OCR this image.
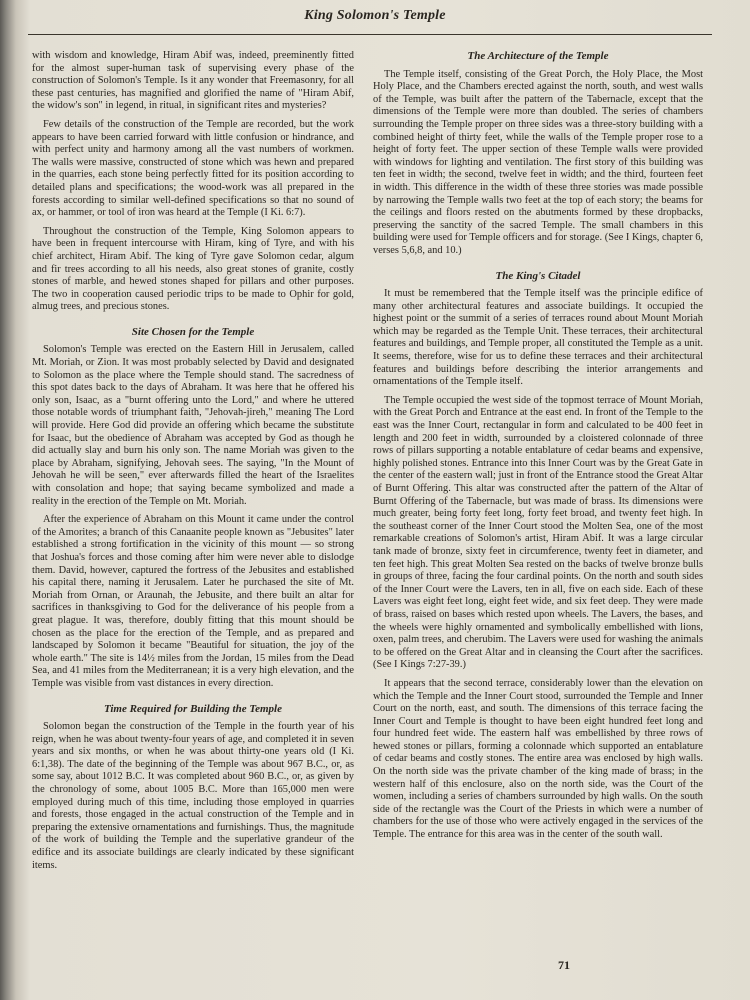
King Solomon's Temple

with wisdom and knowledge, Hiram Abif was, indeed, preeminently fitted for the almost super-human task of supervising every phase of the construction of Solomon's Temple. Is it any wonder that Freemasonry, for all these past centuries, has magnified and glorified the name of "Hiram Abif, the widow's son" in legend, in ritual, in significant rites and mysteries?

Few details of the construction of the Temple are recorded, but the work appears to have been carried forward with little confusion or hindrance, and with perfect unity and harmony among all the vast numbers of workmen. The walls were massive, constructed of stone which was hewn and prepared in the quarries, each stone being perfectly fitted for its position according to detailed plans and specifications; the wood-work was all prepared in the forests according to similar well-defined specifications so that no sound of ax, or hammer, or tool of iron was heard at the Temple (I Ki. 6:7).

Throughout the construction of the Temple, King Solomon appears to have been in frequent intercourse with Hiram, king of Tyre, and with his chief architect, Hiram Abif. The king of Tyre gave Solomon cedar, algum and fir trees according to all his needs, also great stones of granite, costly stones of marble, and hewed stones shaped for pillars and other purposes. The two in cooperation caused periodic trips to be made to Ophir for gold, almug trees, and precious stones.

Site Chosen for the Temple

Solomon's Temple was erected on the Eastern Hill in Jerusalem, called Mt. Moriah, or Zion. It was most probably selected by David and designated to Solomon as the place where the Temple should stand. The sacredness of this spot dates back to the days of Abraham. It was here that he offered his only son, Isaac, as a "burnt offering unto the Lord," and where he uttered those notable words of triumphant faith, "Jehovah-jireh," meaning The Lord will provide. Here God did provide an offering which became the substitute for Isaac, but the obedience of Abraham was accepted by God as though he did actually slay and burn his only son. The name Moriah was given to the place by Abraham, signifying, Jehovah sees. The saying, "In the Mount of Jehovah he will be seen," ever afterwards filled the heart of the Israelites with consolation and hope; that saying became symbolized and made a reality in the erection of the Temple on Mt. Moriah.

After the experience of Abraham on this Mount it came under the control of the Amorites; a branch of this Canaanite people known as "Jebusites" later established a strong fortification in the vicinity of this mount — so strong that Joshua's forces and those coming after him were never able to dislodge them. David, however, captured the fortress of the Jebusites and established his capital there, naming it Jerusalem. Later he purchased the site of Mt. Moriah from Ornan, or Araunah, the Jebusite, and there built an altar for sacrifices in thanksgiving to God for the deliverance of his people from a great plague. It was, therefore, doubly fitting that this mount should be chosen as the place for the erection of the Temple, and as prepared and landscaped by Solomon it became "Beautiful for situation, the joy of the whole earth." The site is 14½ miles from the Jordan, 15 miles from the Dead Sea, and 41 miles from the Mediterranean; it is a very high elevation, and the Temple was visible from vast distances in every direction.

Time Required for Building the Temple

Solomon began the construction of the Temple in the fourth year of his reign, when he was about twenty-four years of age, and completed it in seven years and six months, or when he was about thirty-one years old (I Ki. 6:1,38). The date of the beginning of the Temple was about 967 B.C., or, as some say, about 1012 B.C. It was completed about 960 B.C., or, as given by the chronology of some, about 1005 B.C. More than 165,000 men were employed during much of this time, including those employed in quarries and forests, those engaged in the actual construction of the Temple and in preparing the extensive ornamentations and furnishings. Thus, the magnitude of the work of building the Temple and the superlative grandeur of the edifice and its associate buildings are clearly indicated by these significant items.

The Architecture of the Temple

The Temple itself, consisting of the Great Porch, the Holy Place, the Most Holy Place, and the Chambers erected against the north, south, and west walls of the Temple, was built after the pattern of the Tabernacle, except that the dimensions of the Temple were more than doubled. The series of chambers surrounding the Temple proper on three sides was a three-story building with a combined height of thirty feet, while the walls of the Temple proper rose to a height of forty feet. The upper section of these Temple walls were provided with windows for lighting and ventilation. The first story of this building was ten feet in width; the second, twelve feet in width; and the third, fourteen feet in width. This difference in the width of these three stories was made possible by narrowing the Temple walls two feet at the top of each story; the beams for the ceilings and floors rested on the abutments formed by these dropbacks, preserving the sanctity of the sacred Temple. The small chambers in this building were used for Temple officers and for storage. (See I Kings, chapter 6, verses 5,6,8, and 10.)

The King's Citadel

It must be remembered that the Temple itself was the principle edifice of many other architectural features and associate buildings. It occupied the highest point or the summit of a series of terraces round about Mount Moriah which may be regarded as the Temple Unit. These terraces, their architectural features and buildings, and Temple proper, all constituted the Temple as a unit. It seems, therefore, wise for us to define these terraces and their architectural features and buildings before describing the interior arrangements and ornamentations of the Temple itself.

The Temple occupied the west side of the topmost terrace of Mount Moriah, with the Great Porch and Entrance at the east end. In front of the Temple to the east was the Inner Court, rectangular in form and calculated to be 400 feet in length and 200 feet in width, surrounded by a cloistered colonnade of three rows of pillars supporting a notable entablature of cedar beams and expensive, highly polished stones. Entrance into this Inner Court was by the Great Gate in the center of the eastern wall; just in front of the Entrance stood the Great Altar of Burnt Offering. This altar was constructed after the pattern of the Altar of Burnt Offering of the Tabernacle, but was made of brass. Its dimensions were much greater, being forty feet long, forty feet broad, and twenty feet high. In the southeast corner of the Inner Court stood the Molten Sea, one of the most remarkable creations of Solomon's artist, Hiram Abif. It was a large circular tank made of bronze, sixty feet in circumference, twenty feet in diameter, and ten feet high. This great Molten Sea rested on the backs of twelve bronze bulls in groups of three, facing the four cardinal points. On the north and south sides of the Inner Court were the Lavers, ten in all, five on each side. Each of these Lavers was eight feet long, eight feet wide, and six feet deep. They were made of brass, raised on bases which rested upon wheels. The Lavers, the bases, and the wheels were highly ornamented and symbolically embellished with lions, oxen, palm trees, and cherubim. The Lavers were used for washing the animals to be offered on the Great Altar and in cleansing the Court after the sacrifices. (See I Kings 7:27-39.)

It appears that the second terrace, considerably lower than the elevation on which the Temple and the Inner Court stood, surrounded the Temple and Inner Court on the north, east, and south. The dimensions of this terrace facing the Inner Court and Temple is thought to have been eight hundred feet long and four hundred feet wide. The eastern half was embellished by three rows of hewed stones or pillars, forming a colonnade which supported an entablature of cedar beams and costly stones. The entire area was enclosed by high walls. On the north side was the private chamber of the king made of brass; in the western half of this enclosure, also on the north side, was the Court of the women, including a series of chambers surrounded by high walls. On the south side of the rectangle was the Court of the Priests in which were a number of chambers for the use of those who were actively engaged in the services of the Temple. The entrance for this area was in the center of the south wall.

71
